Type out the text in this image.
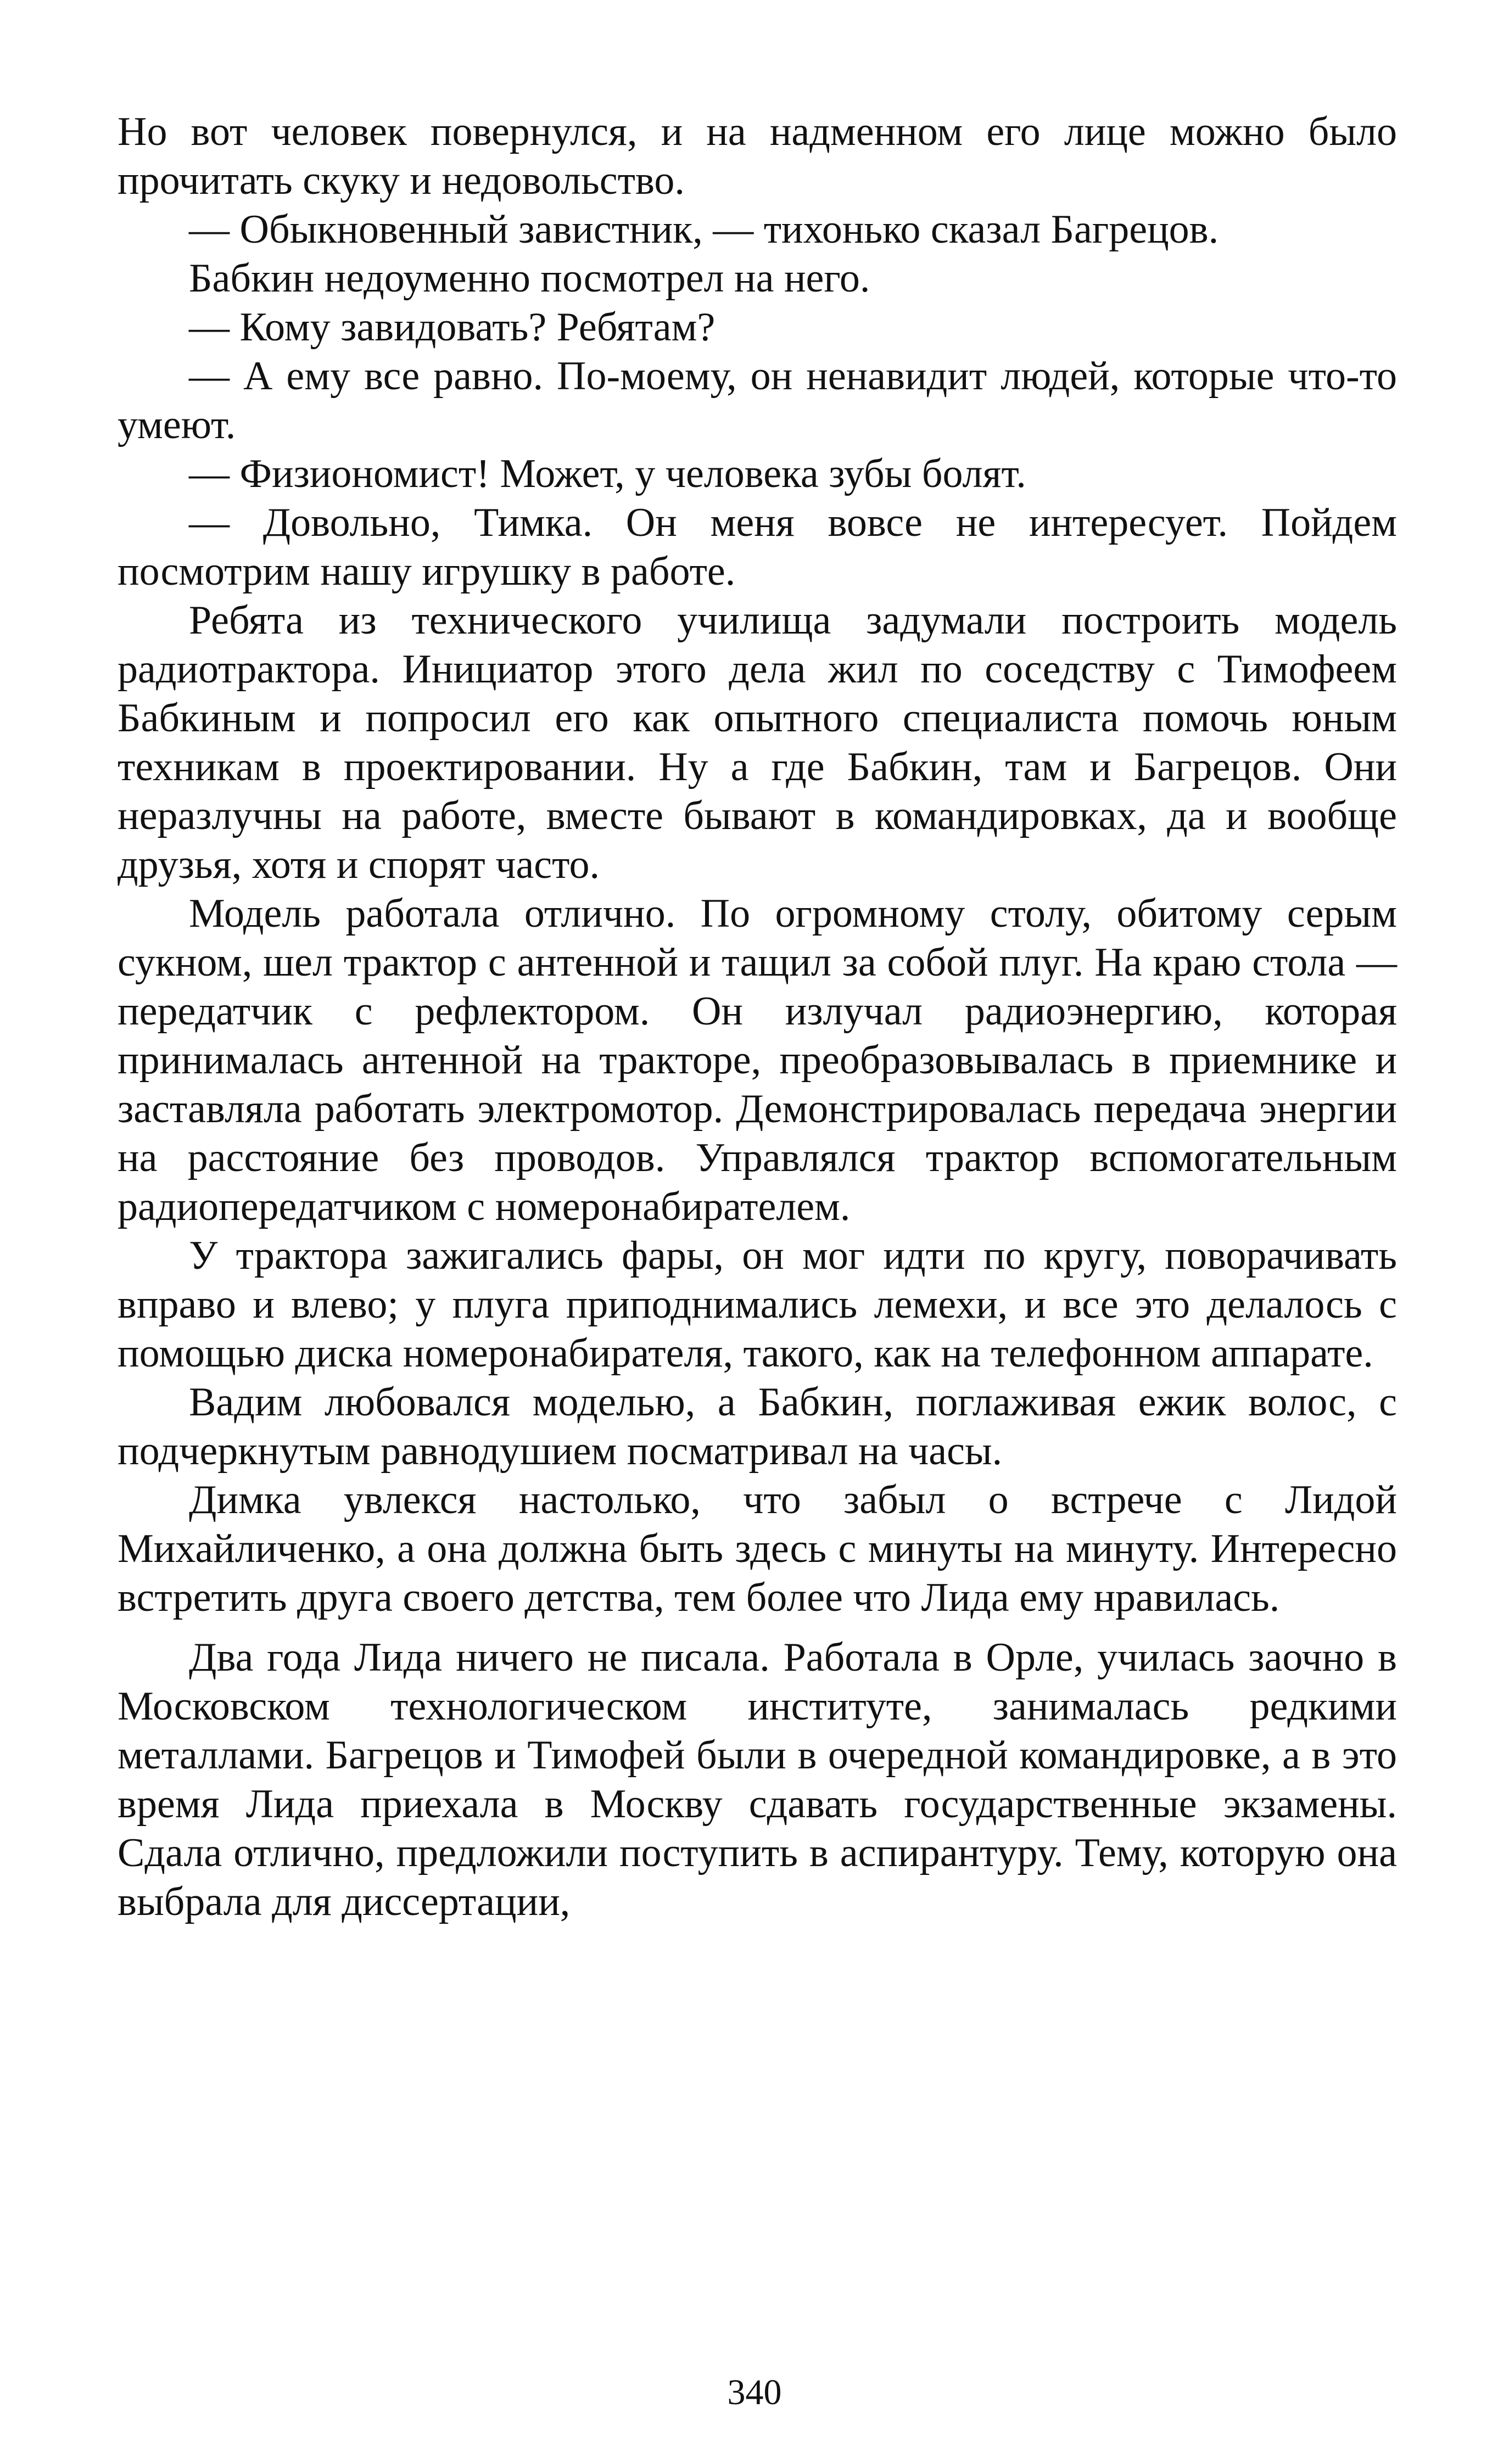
Но вот человек повернулся, и на надменном его лице можно было прочитать скуку и недовольство.

— Обыкновенный завистник, — тихонько сказал Багрецов.

Бабкин недоуменно посмотрел на него.

— Кому завидовать? Ребятам?

— А ему все равно. По-моему, он ненавидит людей, которые что-то умеют.

— Физиономист! Может, у человека зубы болят.

— Довольно, Тимка. Он меня вовсе не интересует. Пойдем посмотрим нашу игрушку в работе.

Ребята из технического училища задумали построить модель радиотрактора. Инициатор этого дела жил по соседству с Тимофеем Бабкиным и попросил его как опытного специалиста помочь юным техникам в проектировании. Ну а где Бабкин, там и Багрецов. Они неразлучны на работе, вместе бывают в командировках, да и вообще друзья, хотя и спорят часто.

Модель работала отлично. По огромному столу, обитому серым сукном, шел трактор с антенной и тащил за собой плуг. На краю стола — передатчик с рефлектором. Он излучал радиоэнергию, которая принималась антенной на тракторе, преобразовывалась в приемнике и заставляла работать электромотор. Демонстрировалась передача энергии на расстояние без проводов. Управлялся трактор вспомогательным радиопередатчиком с номеронабирателем.

У трактора зажигались фары, он мог идти по кругу, поворачивать вправо и влево; у плуга приподнимались лемехи, и все это делалось с помощью диска номеронабирателя, такого, как на телефонном аппарате.

Вадим любовался моделью, а Бабкин, поглаживая ежик волос, с подчеркнутым равнодушием посматривал на часы.

Димка увлекся настолько, что забыл о встрече с Лидой Михайличенко, а она должна быть здесь с минуты на минуту. Интересно встретить друга своего детства, тем более что Лида ему нравилась.

Два года Лида ничего не писала. Работала в Орле, училась заочно в Московском технологическом институте, занималась редкими металлами. Багрецов и Тимофей были в очередной командировке, а в это время Лида приехала в Москву сдавать государственные экзамены. Сдала отлично, предложили поступить в аспирантуру. Тему, которую она выбрала для диссертации,

340
